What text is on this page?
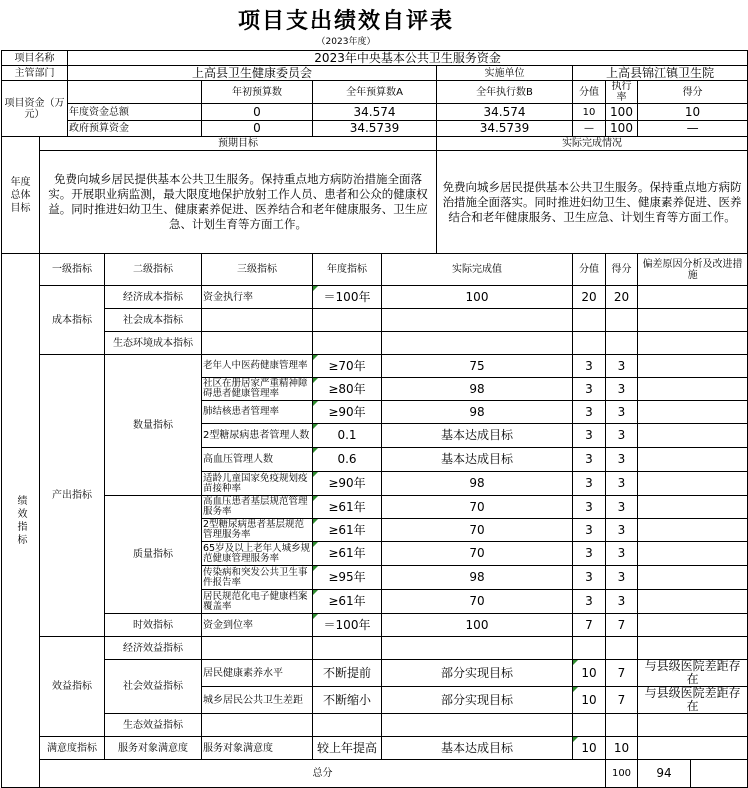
项目支出绩效自评表
（2023年度）
项目名称		2023年中央基本公共卫生服务资金									
主管部门		上高县卫生健康委员会					实施单位	上高县锦江镇卫生院			
项目资金（万元）				年初预算数	全年预算数A		全年执行数B	分值	执行率	得分	
		年度资金总额		0	34.574		34.574	10	100	10	
		政府预算资金		0	34.5739		34.5739	—	100	—	
年度总体目标	预期目标						实际完成情况				
	免费向城乡居民提供基本公共卫生服务。保持重点地方病防治措施全面落实。开展职业病监测，最大限度地保护放射工作人员、患者和公众的健康权益。同时推进妇幼卫生、健康素养促进、医养结合和老年健康服务、卫生应急、计划生育等方面工作。						免费向城乡居民提供基本公共卫生服务。保持重点地方病防治措施全面落实。同时推进妇幼卫生、健康素养促进、医养结合和老年健康服务、卫生应急、计划生育等方面工作。				
绩效指标	一级指标		二级指标	三级指标	年度指标	实际完成值		分值	得分	偏差原因分析及改进措施	
	成本指标		经济成本指标	资金执行率	＝100年	100		20	20		
			社会成本指标								
			生态环境成本指标								
	产出指标		数量指标	老年人中医药健康管理率	≥70年	75		3	3		
				社区在册居家严重精神障碍患者健康管理率	≥80年	98		3	3		
				肺结核患者管理率	≥90年	98		3	3		
				2型糖尿病患者管理人数	0.1	基本达成目标		3	3		
				高血压管理人数	0.6	基本达成目标		3	3		
				适龄儿童国家免疫规划疫苗接种率	≥90年	98		3	3		
			质量指标	高血压患者基层规范管理服务率	≥61年	70		3	3		
				2型糖尿病患者基层规范管理服务率	≥61年	70		3	3		
				65岁及以上老年人城乡规范健康管理服务率	≥61年	70		3	3		
				传染病和突发公共卫生事件报告率	≥95年	98		3	3		
				居民规范化电子健康档案覆盖率	≥61年	70		3	3		
			时效指标	资金到位率	＝100年	100		7	7		
	效益指标		经济效益指标								
			社会效益指标	居民健康素养水平	不断提前	部分实现目标		10	7	与县级医院差距存在	
				城乡居民公共卫生差距	不断缩小	部分实现目标		10	7	与县级医院差距存在	
			生态效益指标								
	满意度指标		服务对象满意度	服务对象满意度	较上年提高	基本达成目标		10	10		
	总分								100	94	
